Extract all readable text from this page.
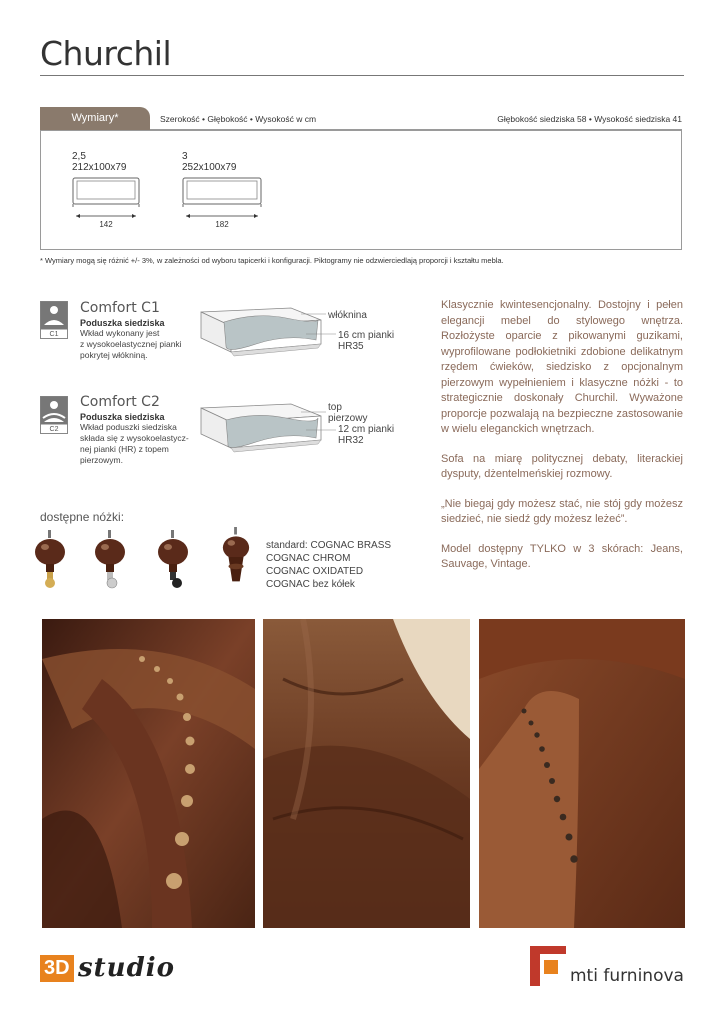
Churchil
Wymiary*	Szerokość • Głębokość • Wysokość w cm	Głębokość siedziska 58 • Wysokość siedziska 41
2,5
212x100x79
142
3
252x100x79
182
* Wymiary mogą się różnić +/- 3%, w zależności od wyboru tapicerki i konfiguracji. Piktogramy nie odzwierciedlają proporcji i kształtu mebla.
C1
Comfort C1
Poduszka siedziska
Wkład wykonany jest
z wysokoelastycznej pianki
pokrytej włókniną.
włóknina
16 cm pianki
HR35
C2
Comfort C2
Poduszka siedziska
Wkład poduszki siedziska
składa się z wysokoelastycz-
nej pianki (HR) z topem
pierzowym.
top
pierzowy
12 cm pianki
HR32
dostępne nóżki:
standard: COGNAC BRASS
COGNAC CHROM
COGNAC OXIDATED
COGNAC bez kółek

Klasycznie kwintesencjonalny. Dostojny i pełen elegancji mebel do stylowego wnętrza. Rozłożyste oparcie z pikowanymi guzikami, wyprofilowane podłokietniki zdobione delikatnym rzędem ćwieków, siedzisko z opcjonalnym pierzowym wypełnieniem i klasyczne nóżki - to strategicznie doskonały Churchil. Wyważone proporcje pozwalają na bezpieczne zastosowanie w wielu eleganckich wnętrzach.

Sofa na miarę politycznej debaty, literackiej dysputy, dżentelmeńskiej rozmowy.

„Nie biegaj gdy możesz stać, nie stój gdy możesz siedzieć, nie siedź gdy możesz leżeć”.

Model dostępny TYLKO w 3 skórach: Jeans, Sauvage, Vintage.

3D studio	mti furninova
